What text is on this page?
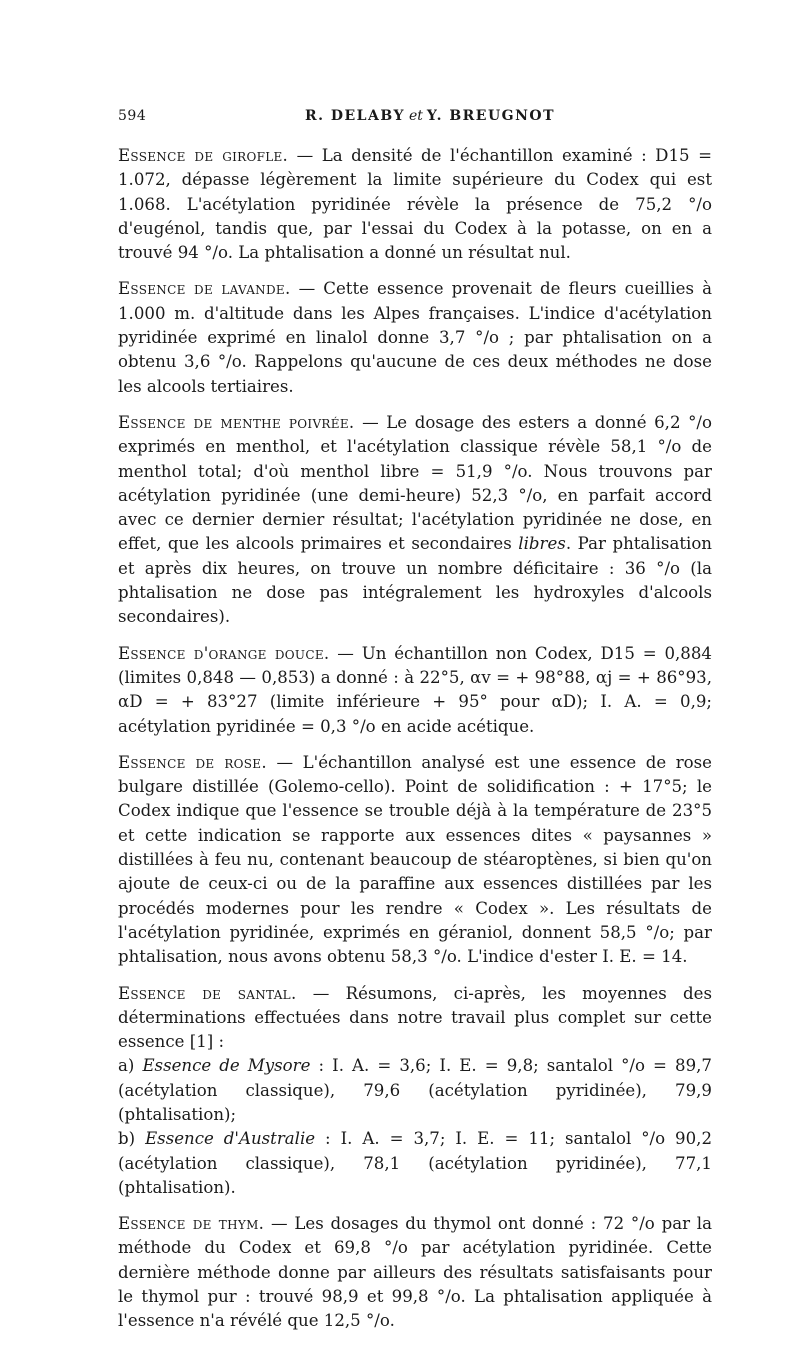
594	R. DELABY et Y. BREUGNOT

Essence de girofle. — La densité de l'échantillon examiné : D15 = 1.072, dépasse légèrement la limite supérieure du Codex qui est 1.068. L'acétylation pyridinée révèle la présence de 75,2 °/o d'eugénol, tandis que, par l'essai du Codex à la potasse, on en a trouvé 94 °/o. La phtalisation a donné un résultat nul.

Essence de lavande. — Cette essence provenait de fleurs cueillies à 1.000 m. d'altitude dans les Alpes françaises. L'indice d'acétylation pyridinée exprimé en linalol donne 3,7 °/o ; par phtalisation on a obtenu 3,6 °/o. Rappelons qu'aucune de ces deux méthodes ne dose les alcools tertiaires.

Essence de menthe poivrée. — Le dosage des esters a donné 6,2 °/o exprimés en menthol, et l'acétylation classique révèle 58,1 °/o de menthol total; d'où menthol libre = 51,9 °/o. Nous trouvons par acétylation pyridinée (une demi-heure) 52,3 °/o, en parfait accord avec ce dernier dernier résultat; l'acétylation pyridinée ne dose, en effet, que les alcools primaires et secondaires libres. Par phtalisation et après dix heures, on trouve un nombre déficitaire : 36 °/o (la phtalisation ne dose pas intégralement les hydroxyles d'alcools secondaires).

Essence d'orange douce. — Un échantillon non Codex, D15 = 0,884 (limites 0,848 — 0,853) a donné : à 22°5, αv = + 98°88, αj = + 86°93, αD = + 83°27 (limite inférieure + 95° pour αD); I. A. = 0,9; acétylation pyridinée = 0,3 °/o en acide acétique.

Essence de rose. — L'échantillon analysé est une essence de rose bulgare distillée (Golemo-cello). Point de solidification : + 17°5; le Codex indique que l'essence se trouble déjà à la température de 23°5 et cette indication se rapporte aux essences dites « paysannes » distillées à feu nu, contenant beaucoup de stéaroptènes, si bien qu'on ajoute de ceux-ci ou de la paraffine aux essences distillées par les procédés modernes pour les rendre « Codex ». Les résultats de l'acétylation pyridinée, exprimés en géraniol, donnent 58,5 °/o; par phtalisation, nous avons obtenu 58,3 °/o. L'indice d'ester I. E. = 14.

Essence de santal. — Résumons, ci-après, les moyennes des déterminations effectuées dans notre travail plus complet sur cette essence [1] :
a) Essence de Mysore : I. A. = 3,6; I. E. = 9,8; santalol °/o = 89,7 (acétylation classique), 79,6 (acétylation pyridinée), 79,9 (phtalisation);
b) Essence d'Australie : I. A. = 3,7; I. E. = 11; santalol °/o 90,2 (acétylation classique), 78,1 (acétylation pyridinée), 77,1 (phtalisation).

Essence de thym. — Les dosages du thymol ont donné : 72 °/o par la méthode du Codex et 69,8 °/o par acétylation pyridinée. Cette dernière méthode donne par ailleurs des résultats satisfaisants pour le thymol pur : trouvé 98,9 et 99,8 °/o. La phtalisation appliquée à l'essence n'a révélé que 12,5 °/o.
